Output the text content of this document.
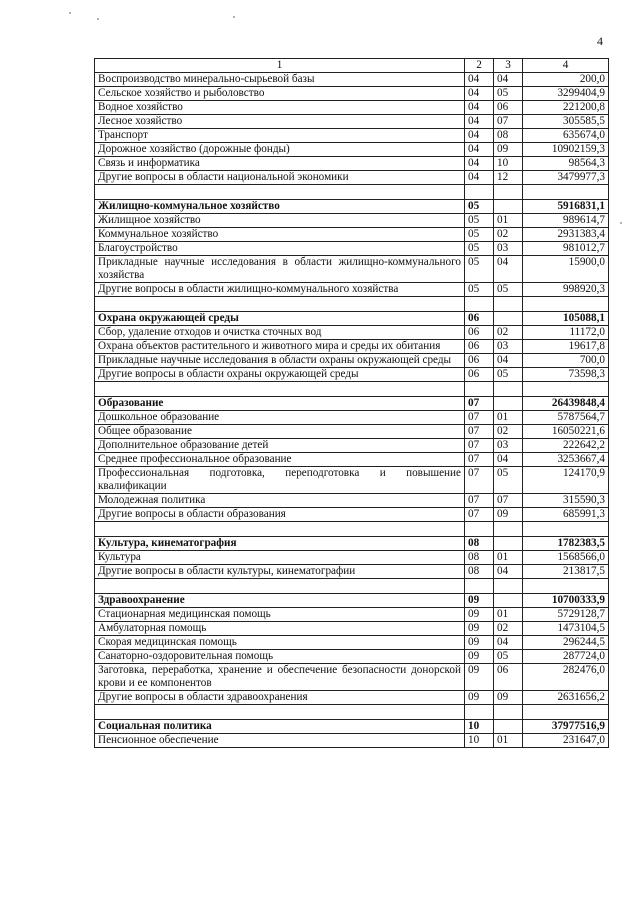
4
1	2	3	4
Воспроизводство минерально-сырьевой базы	04	04	200,0
Сельское хозяйство и рыболовство	04	05	3299404,9
Водное хозяйство	04	06	221200,8
Лесное хозяйство	04	07	305585,5
Транспорт	04	08	635674,0
Дорожное хозяйство (дорожные фонды)	04	09	10902159,3
Связь и информатика	04	10	98564,3
Другие вопросы в области национальной экономики	04	12	3479977,3

Жилищно-коммунальное хозяйство	05		5916831,1
Жилищное хозяйство	05	01	989614,7
Коммунальное хозяйство	05	02	2931383,4
Благоустройство	05	03	981012,7
Прикладные научные исследования в области жилищно-коммунального хозяйства	05	04	15900,0
Другие вопросы в области жилищно-коммунального хозяйства	05	05	998920,3

Охрана окружающей среды	06		105088,1
Сбор, удаление отходов и очистка сточных вод	06	02	11172,0
Охрана объектов растительного и животного мира и среды их обитания	06	03	19617,8
Прикладные научные исследования в области охраны окружающей среды	06	04	700,0
Другие вопросы в области охраны окружающей среды	06	05	73598,3

Образование	07		26439848,4
Дошкольное образование	07	01	5787564,7
Общее образование	07	02	16050221,6
Дополнительное образование детей	07	03	222642,2
Среднее профессиональное образование	07	04	3253667,4
Профессиональная подготовка, переподготовка и повышение квалификации	07	05	124170,9
Молодежная политика	07	07	315590,3
Другие вопросы в области образования	07	09	685991,3

Культура, кинематография	08		1782383,5
Культура	08	01	1568566,0
Другие вопросы в области культуры, кинематографии	08	04	213817,5

Здравоохранение	09		10700333,9
Стационарная медицинская помощь	09	01	5729128,7
Амбулаторная помощь	09	02	1473104,5
Скорая медицинская помощь	09	04	296244,5
Санаторно-оздоровительная помощь	09	05	287724,0
Заготовка, переработка, хранение и обеспечение безопасности донорской крови и ее компонентов	09	06	282476,0
Другие вопросы в области здравоохранения	09	09	2631656,2

Социальная политика	10		37977516,9
Пенсионное обеспечение	10	01	231647,0
